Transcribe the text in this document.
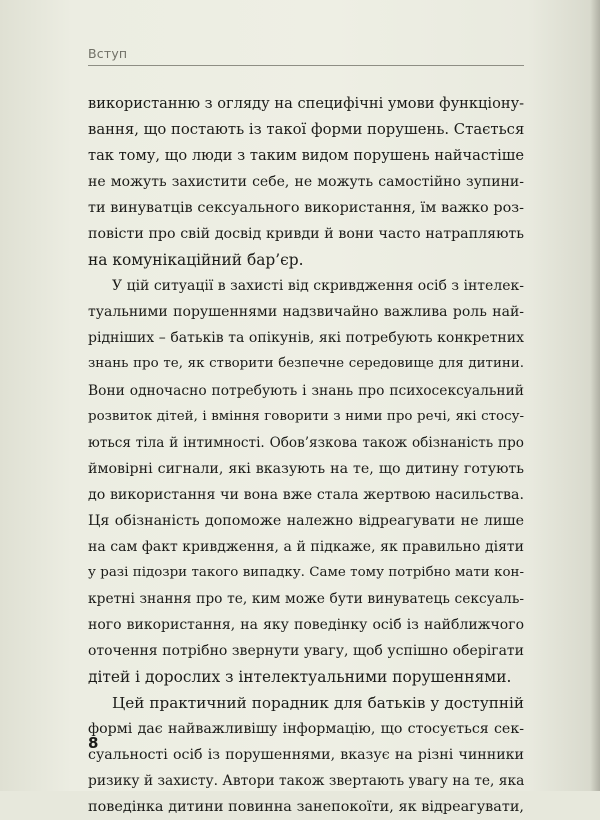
Вступ
використанню з огляду на специфічні умови функціону-
вання, що постають із такої форми порушень. Стається
так тому, що люди з таким видом порушень найчастіше
не можуть захистити себе, не можуть самостійно зупини-
ти винуватців сексуального використання, їм важко роз-
повісти про свій досвід кривди й вони часто натрапляють
на комунікаційний бар’єр.
У цій ситуації в захисті від скривдження осіб з інтелек-
туальними порушеннями надзвичайно важлива роль най-
рідніших – батьків та опікунів, які потребують конкретних
знань про те, як створити безпечне середовище для дитини.
Вони одночасно потребують і знань про психосексуальний
розвиток дітей, і вміння говорити з ними про речі, які стосу-
ються тіла й інтимності. Обов’язкова також обізнаність про
ймовірні сигнали, які вказують на те, що дитину готують
до використання чи вона вже стала жертвою насильства.
Ця обізнаність допоможе належно відреагувати не лише
на сам факт кривдження, а й підкаже, як правильно діяти
у разі підозри такого випадку. Саме тому потрібно мати кон-
кретні знання про те, ким може бути винуватець сексуаль-
ного використання, на яку поведінку осіб із найближчого
оточення потрібно звернути увагу, щоб успішно оберігати
дітей і дорослих з інтелектуальними порушеннями.
Цей практичний порадник для батьків у доступній
формі дає найважливішу інформацію, що стосується сек-
суальності осіб із порушеннями, вказує на різні чинники
ризику й захисту. Автори також звертають увагу на те, яка
поведінка дитини повинна занепокоїти, як відреагувати,
8
